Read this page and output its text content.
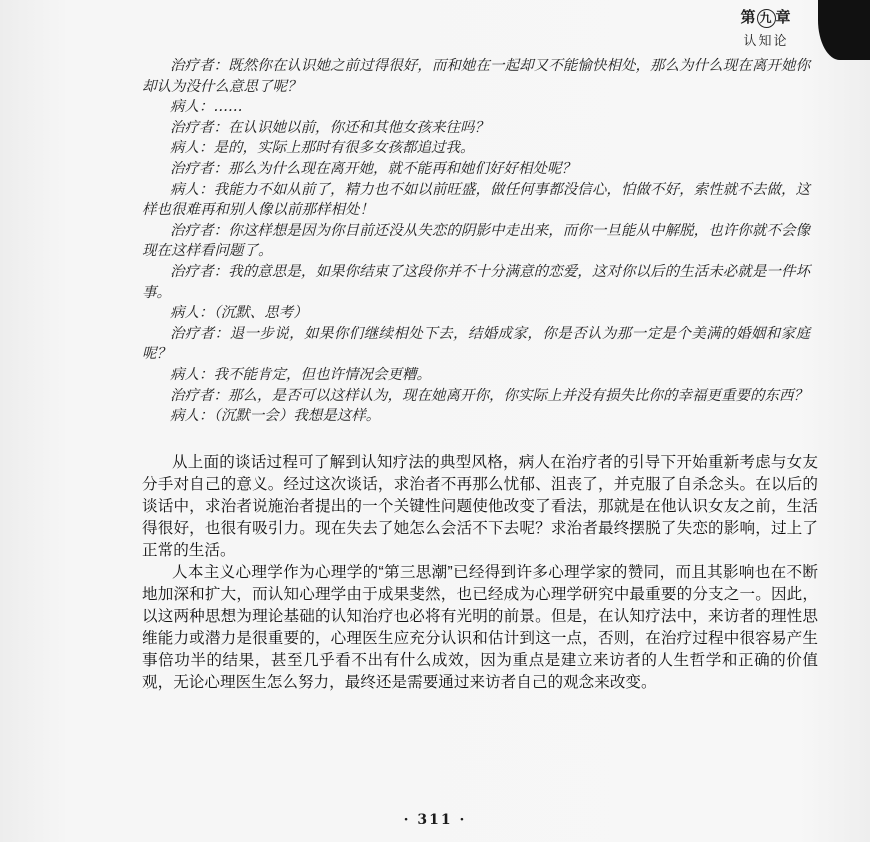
第 九 章
认知论

治疗者：既然你在认识她之前过得很好，而和她在一起却又不能愉快相处，那么为什么现在离开她你却认为没什么意思了呢？

病人：……

治疗者：在认识她以前，你还和其他女孩来往吗？

病人：是的，实际上那时有很多女孩都追过我。

治疗者：那么为什么现在离开她，就不能再和她们好好相处呢？

病人：我能力不如从前了，精力也不如以前旺盛，做任何事都没信心，怕做不好，索性就不去做，这样也很难再和别人像以前那样相处！

治疗者：你这样想是因为你目前还没从失恋的阴影中走出来，而你一旦能从中解脱，也许你就不会像现在这样看问题了。

治疗者：我的意思是，如果你结束了这段你并不十分满意的恋爱，这对你以后的生活未必就是一件坏事。

病人：（沉默、思考）

治疗者：退一步说，如果你们继续相处下去，结婚成家，你是否认为那一定是个美满的婚姻和家庭呢？

病人：我不能肯定，但也许情况会更糟。

治疗者：那么，是否可以这样认为，现在她离开你，你实际上并没有损失比你的幸福更重要的东西？

病人：（沉默一会）我想是这样。

从上面的谈话过程可了解到认知疗法的典型风格，病人在治疗者的引导下开始重新考虑与女友分手对自己的意义。经过这次谈话，求治者不再那么忧郁、沮丧了，并克服了自杀念头。在以后的谈话中，求治者说施治者提出的一个关键性问题使他改变了看法，那就是在他认识女友之前，生活得很好，也很有吸引力。现在失去了她怎么会活不下去呢？求治者最终摆脱了失恋的影响，过上了正常的生活。

人本主义心理学作为心理学的“第三思潮”已经得到许多心理学家的赞同，而且其影响也在不断地加深和扩大，而认知心理学由于成果斐然，也已经成为心理学研究中最重要的分支之一。因此，以这两种思想为理论基础的认知治疗也必将有光明的前景。但是，在认知疗法中，来访者的理性思维能力或潜力是很重要的，心理医生应充分认识和估计到这一点，否则，在治疗过程中很容易产生事倍功半的结果，甚至几乎看不出有什么成效，因为重点是建立来访者的人生哲学和正确的价值观，无论心理医生怎么努力，最终还是需要通过来访者自己的观念来改变。

· 311 ·
